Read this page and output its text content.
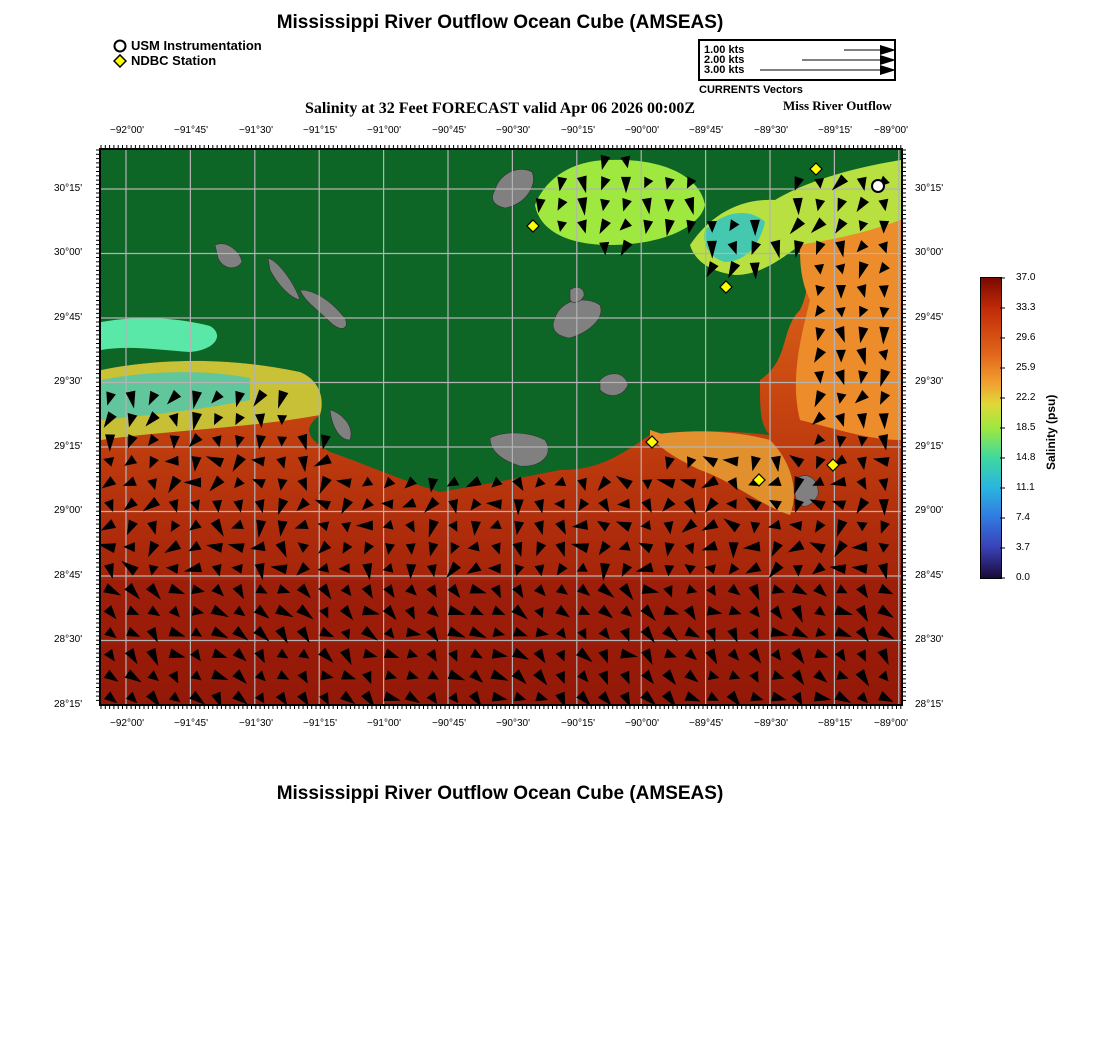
Mississippi River Outflow Ocean Cube (AMSEAS)
USM Instrumentation
NDBC Station
1.00 kts
2.00 kts
3.00 kts
CURRENTS Vectors
Salinity at 32 Feet FORECAST valid Apr 06 2026 00:00Z	Miss River Outflow
−92°00'	−91°45'	−91°30'	−91°15'	−91°00'	−90°45'	−90°30'	−90°15'	−90°00'	−89°45'	−89°30'	−89°15' −89°00'
−92°00'	−91°45'	−91°30'	−91°15'	−91°00'	−90°45'	−90°30'	−90°15'	−90°00'	−89°45'	−89°30'	−89°15' −89°00'
30°15'
30°00'
29°45'
29°30'
29°15'
29°00'
28°45'
28°30'
28°15'
30°15'
30°00'
29°45'
29°30'
29°15'
29°00'
28°45'
28°30'
28°15'
37.0
33.3
29.6
25.9
22.2
18.5
14.8
11.1
7.4
3.7
0.0
Salinity (psu)
Mississippi River Outflow Ocean Cube (AMSEAS)
